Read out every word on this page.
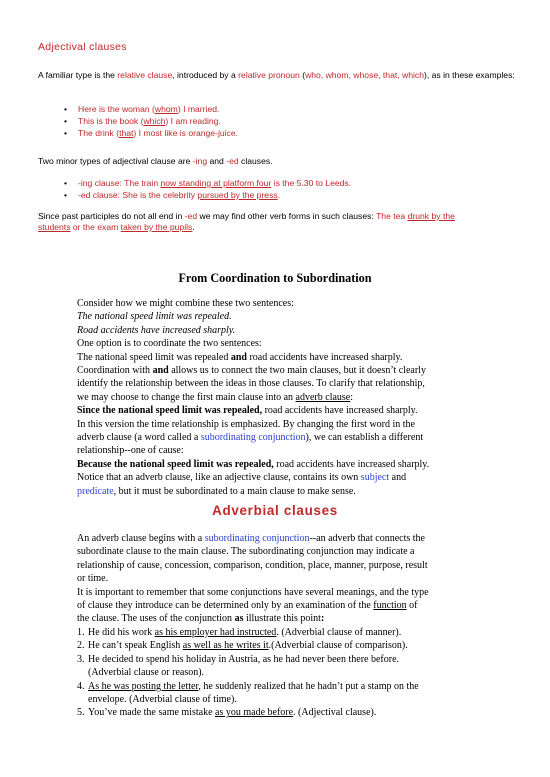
Adjectival clauses
A familiar type is the relative clause, introduced by a relative pronoun (who, whom, whose, that, which), as in these examples:
• Here is the woman (whom) I married.
• This is the book (which) I am reading.
• The drink (that) I most like is orange-juice.
Two minor types of adjectival clause are -ing and -ed clauses.
• -ing clause: The train now standing at platform four is the 5.30 to Leeds.
• -ed clause: She is the celebrity pursued by the press.
Since past participles do not all end in -ed we may find other verb forms in such clauses: The tea drunk by the
students or the exam taken by the pupils.
From Coordination to Subordination
Consider how we might combine these two sentences:
The national speed limit was repealed.
Road accidents have increased sharply.
One option is to coordinate the two sentences:
The national speed limit was repealed and road accidents have increased sharply.
Coordination with and allows us to connect the two main clauses, but it doesn’t clearly
identify the relationship between the ideas in those clauses. To clarify that relationship,
we may choose to change the first main clause into an adverb clause:
Since the national speed limit was repealed, road accidents have increased sharply.
In this version the time relationship is emphasized. By changing the first word in the
adverb clause (a word called a subordinating conjunction), we can establish a different
relationship--one of cause:
Because the national speed limit was repealed, road accidents have increased sharply.
Notice that an adverb clause, like an adjective clause, contains its own subject and
predicate, but it must be subordinated to a main clause to make sense.
Adverbial clauses
An adverb clause begins with a subordinating conjunction--an adverb that connects the
subordinate clause to the main clause. The subordinating conjunction may indicate a
relationship of cause, concession, comparison, condition, place, manner, purpose, result
or time.
It is important to remember that some conjunctions have several meanings, and the type
of clause they introduce can be determined only by an examination of the function of
the clause. The uses of the conjunction as illustrate this point:
1. He did his work as his employer had instructed. (Adverbial clause of manner).
2. He can’t speak English as well as he writes it.(Adverbial clause of comparison).
3. He decided to spend his holiday in Austria, as he had never been there before.
(Adverbial clause or reason).
4. As he was posting the letter, he suddenly realized that he hadn’t put a stamp on the
envelope. (Adverbial clause of time).
5. You’ve made the same mistake as you made before. (Adjectival clause).
